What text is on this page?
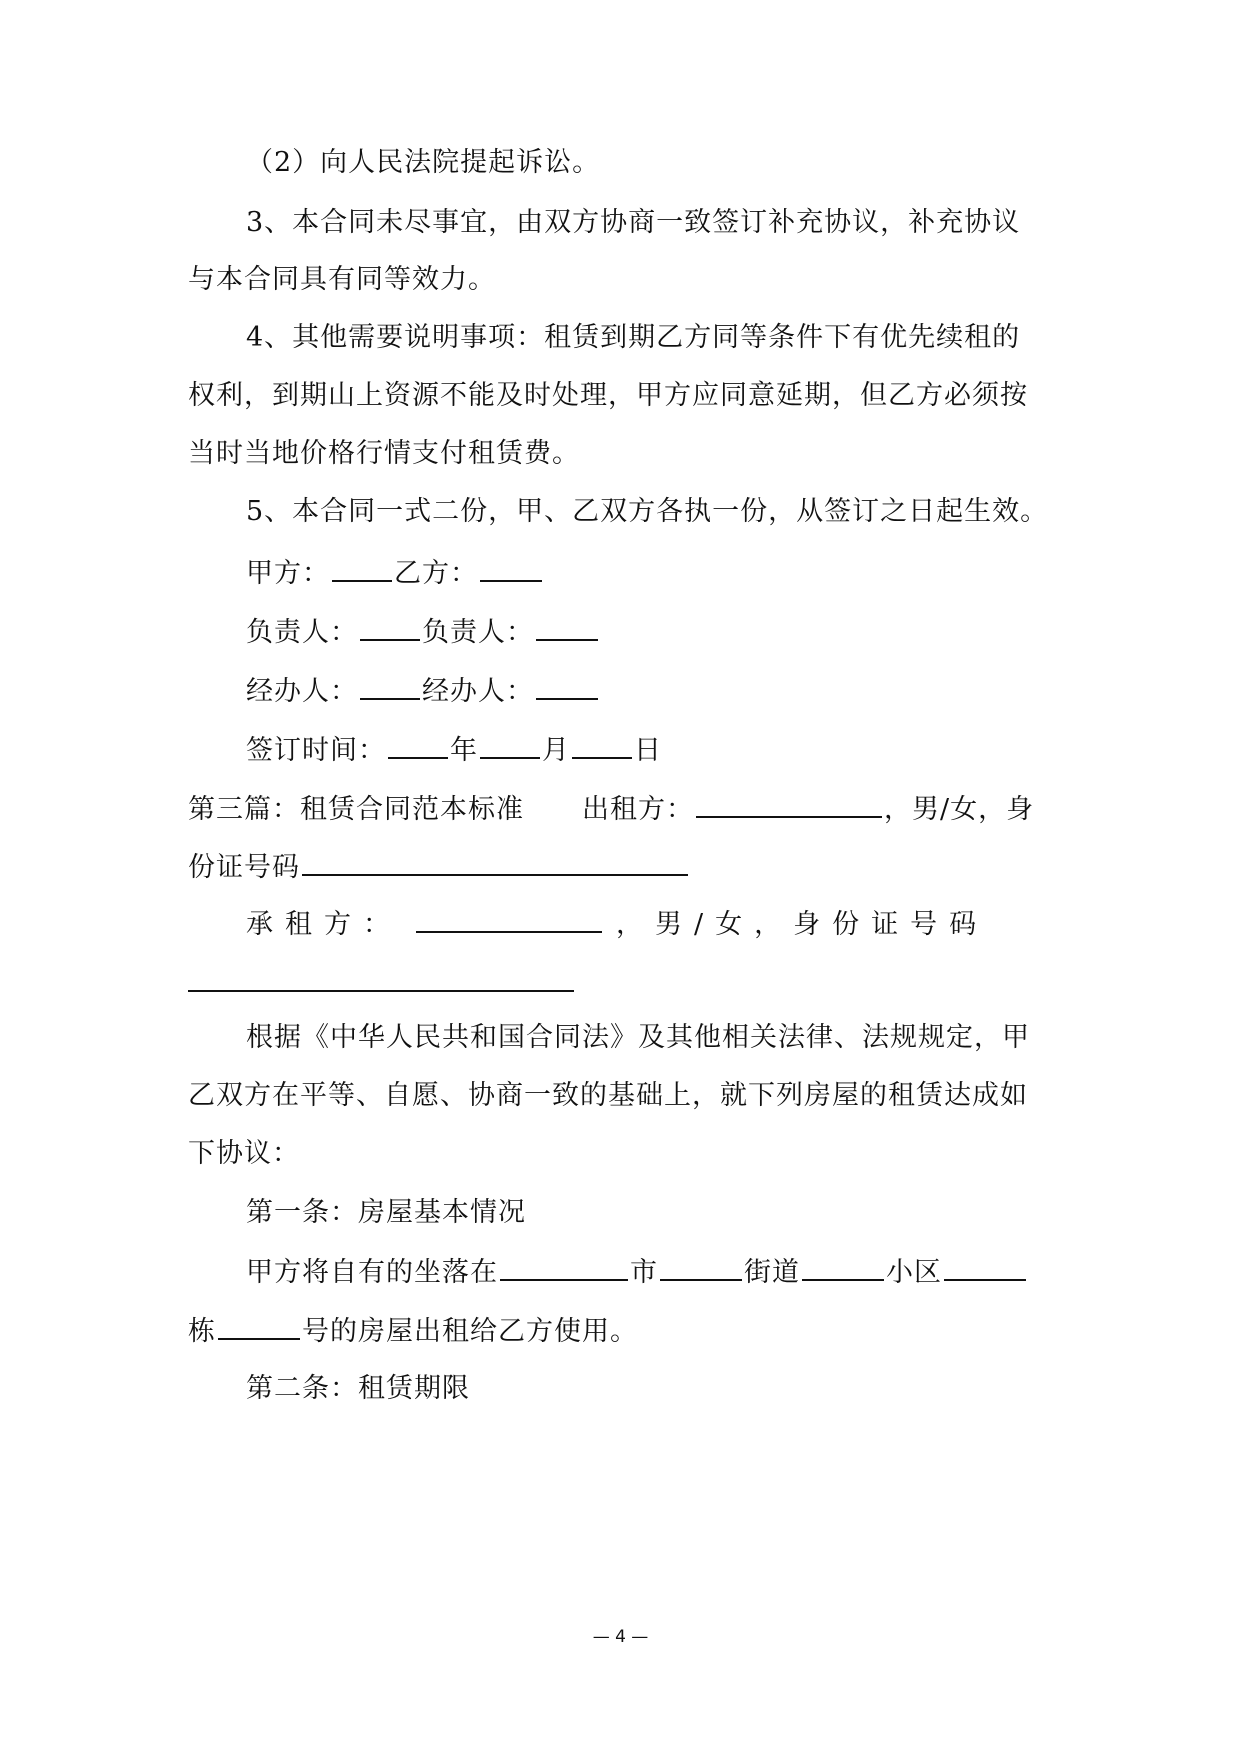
（2）向人民法院提起诉讼。
3、本合同未尽事宜，由双方协商一致签订补充协议，补充协议
与本合同具有同等效力。
4、其他需要说明事项：租赁到期乙方同等条件下有优先续租的
权利，到期山上资源不能及时处理，甲方应同意延期，但乙方必须按
当时当地价格行情支付租赁费。
5、本合同一式二份，甲、乙双方各执一份，从签订之日起生效。
甲方： 乙方：
负责人： 负责人：
经办人： 经办人：
签订时间： 年 月 日
第三篇：租赁合同范本标准 出租方：	，男/女，身
份证号码
承租方：	，男/女，身份证号码
根据《中华人民共和国合同法》及其他相关法律、法规规定，甲
乙双方在平等、自愿、协商一致的基础上，就下列房屋的租赁达成如
下协议：
第一条：房屋基本情况
甲方将自有的坐落在	市	街道	小区
栋	号的房屋出租给乙方使用。
第二条：租赁期限
— 4 —
